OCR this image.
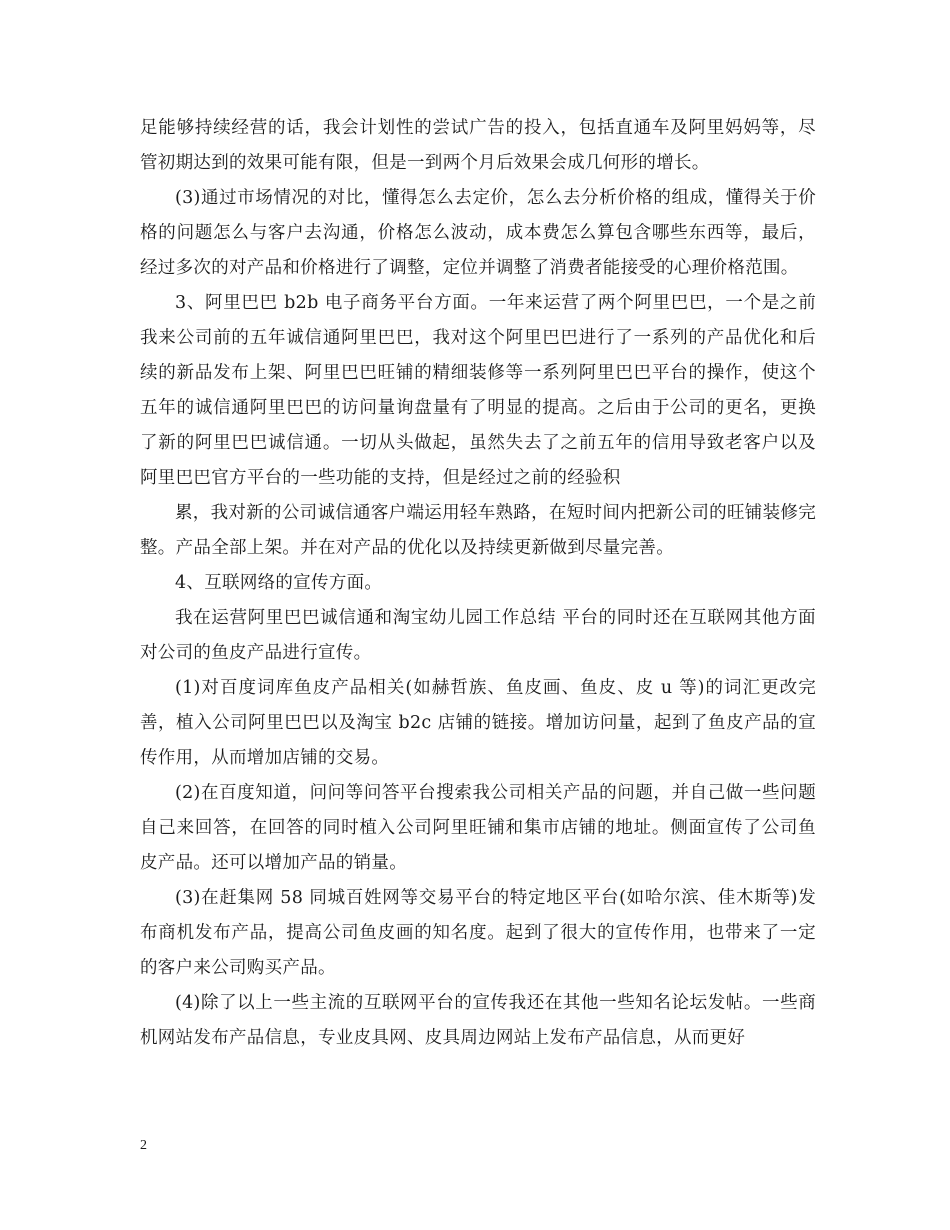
足能够持续经营的话，我会计划性的尝试广告的投入，包括直通车及阿里妈妈等，尽管初期达到的效果可能有限，但是一到两个月后效果会成几何形的增长。

(3)通过市场情况的对比，懂得怎么去定价，怎么去分析价格的组成，懂得关于价格的问题怎么与客户去沟通，价格怎么波动，成本费怎么算包含哪些东西等，最后，经过多次的对产品和价格进行了调整，定位并调整了消费者能接受的心理价格范围。

3、阿里巴巴 b2b 电子商务平台方面。一年来运营了两个阿里巴巴，一个是之前我来公司前的五年诚信通阿里巴巴，我对这个阿里巴巴进行了一系列的产品优化和后续的新品发布上架、阿里巴巴旺铺的精细装修等一系列阿里巴巴平台的操作，使这个五年的诚信通阿里巴巴的访问量询盘量有了明显的提高。之后由于公司的更名，更换了新的阿里巴巴诚信通。一切从头做起，虽然失去了之前五年的信用导致老客户以及阿里巴巴官方平台的一些功能的支持，但是经过之前的经验积

累，我对新的公司诚信通客户端运用轻车熟路，在短时间内把新公司的旺铺装修完整。产品全部上架。并在对产品的优化以及持续更新做到尽量完善。

4、互联网络的宣传方面。

我在运营阿里巴巴诚信通和淘宝幼儿园工作总结 平台的同时还在互联网其他方面对公司的鱼皮产品进行宣传。

(1)对百度词库鱼皮产品相关(如赫哲族、鱼皮画、鱼皮、皮 u 等)的词汇更改完善，植入公司阿里巴巴以及淘宝 b2c 店铺的链接。增加访问量，起到了鱼皮产品的宣传作用，从而增加店铺的交易。

(2)在百度知道，问问等问答平台搜索我公司相关产品的问题，并自己做一些问题自己来回答，在回答的同时植入公司阿里旺铺和集市店铺的地址。侧面宣传了公司鱼皮产品。还可以增加产品的销量。

(3)在赶集网 58 同城百姓网等交易平台的特定地区平台(如哈尔滨、佳木斯等)发布商机发布产品，提高公司鱼皮画的知名度。起到了很大的宣传作用，也带来了一定的客户来公司购买产品。

(4)除了以上一些主流的互联网平台的宣传我还在其他一些知名论坛发帖。一些商机网站发布产品信息，专业皮具网、皮具周边网站上发布产品信息，从而更好

2
